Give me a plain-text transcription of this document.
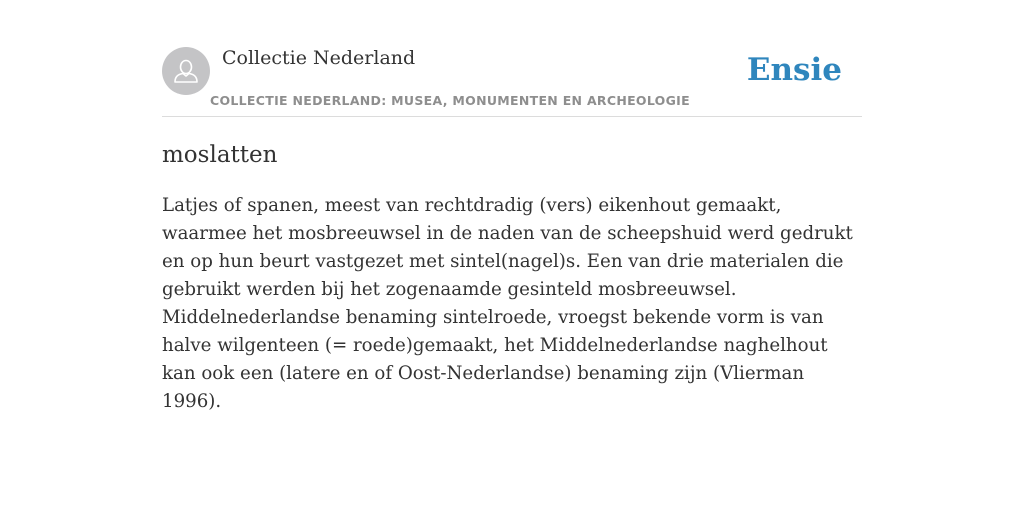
Collectie Nederland
COLLECTIE NEDERLAND: MUSEA, MONUMENTEN EN ARCHEOLOGIE
Ensie
moslatten

Latjes of spanen, meest van rechtdradig (vers) eikenhout gemaakt, waarmee het mosbreeuwsel in de naden van de scheepshuid werd gedrukt en op hun beurt vastgezet met sintel(nagel)s. Een van drie materialen die gebruikt werden bij het zogenaamde gesinteld mosbreeuwsel. Middelnederlandse benaming sintelroede, vroegst bekende vorm is van halve wilgenteen (= roede)gemaakt, het Middelnederlandse naghelhout kan ook een (latere en of Oost-Nederlandse) benaming zijn (Vlierman 1996).
